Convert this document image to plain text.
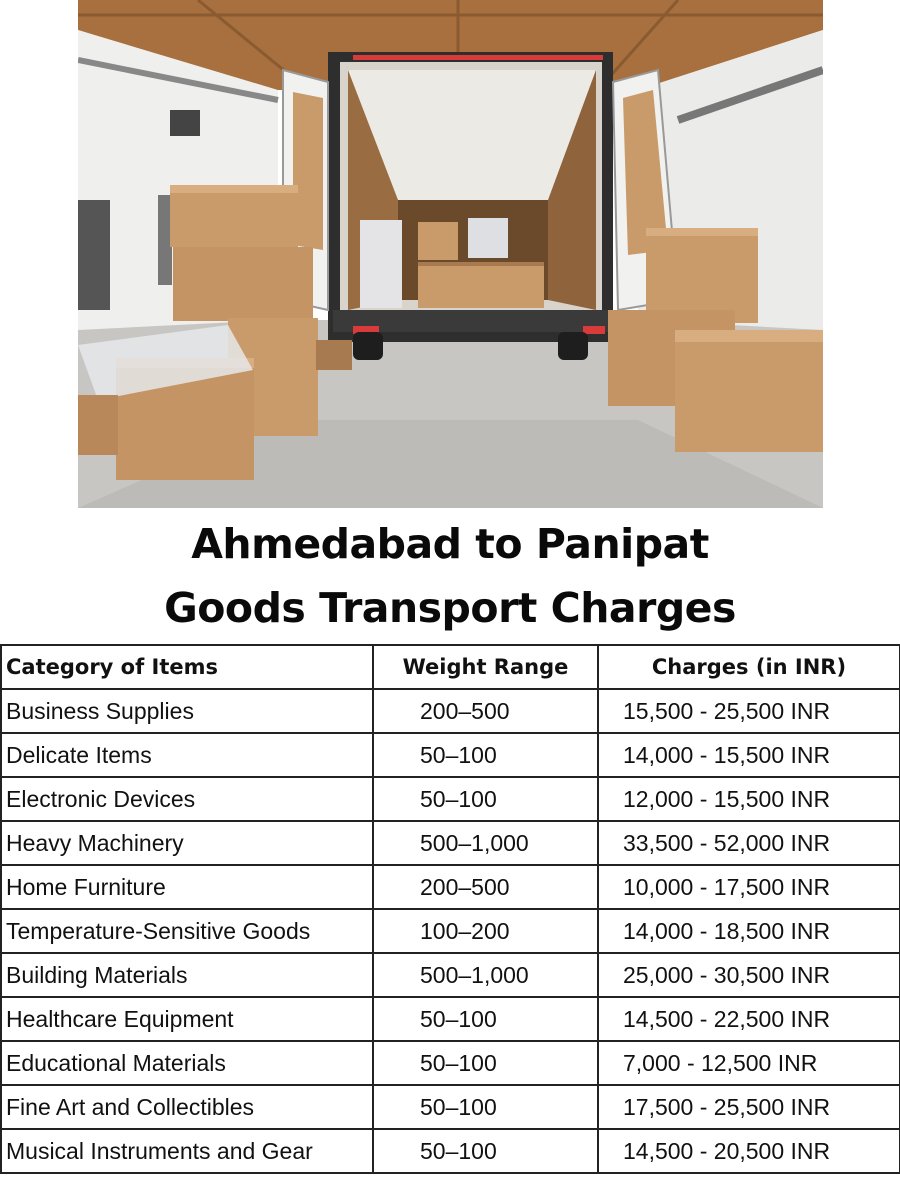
Ahmedabad to Panipat
Goods Transport Charges
Category of Items	Weight Range	Charges (in INR)
Business Supplies	200–500	15,500 - 25,500 INR
Delicate Items	50–100	14,000 - 15,500 INR
Electronic Devices	50–100	12,000 - 15,500 INR
Heavy Machinery	500–1,000	33,500 - 52,000 INR
Home Furniture	200–500	10,000 - 17,500 INR
Temperature-Sensitive Goods	100–200	14,000 - 18,500 INR
Building Materials	500–1,000	25,000 - 30,500 INR
Healthcare Equipment	50–100	14,500 - 22,500 INR
Educational Materials	50–100	7,000 - 12,500 INR
Fine Art and Collectibles	50–100	17,500 - 25,500 INR
Musical Instruments and Gear	50–100	14,500 - 20,500 INR
